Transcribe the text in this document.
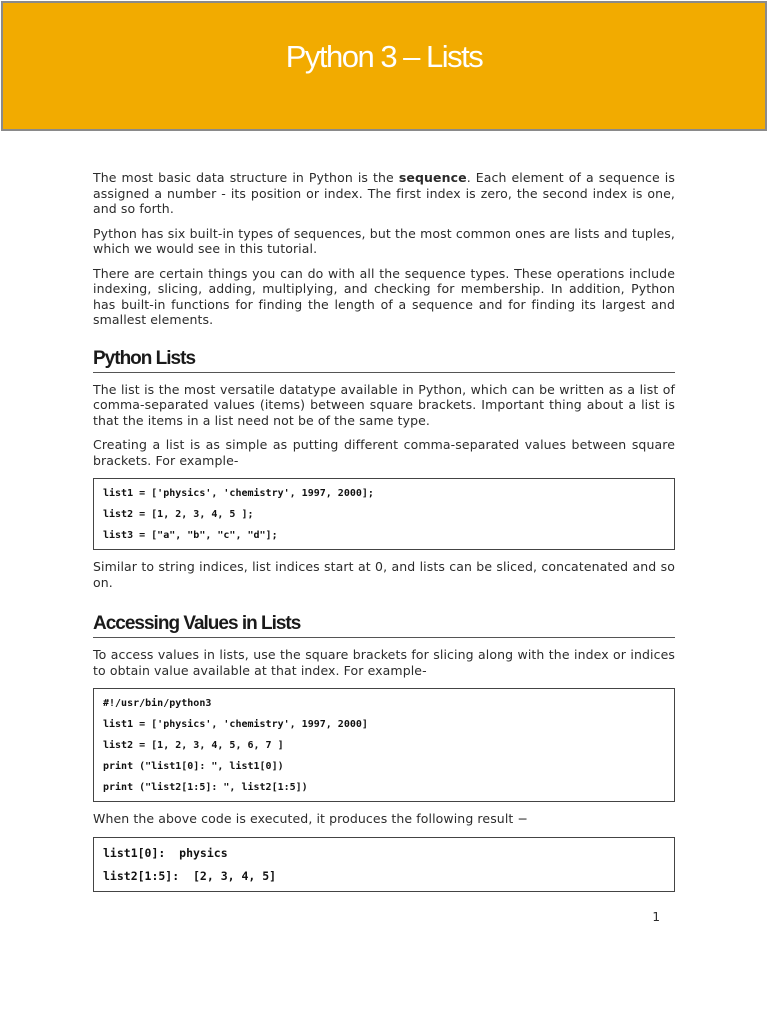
Python 3 – Lists

The most basic data structure in Python is the sequence. Each element of a sequence is assigned a number - its position or index. The first index is zero, the second index is one, and so forth.

Python has six built-in types of sequences, but the most common ones are lists and tuples, which we would see in this tutorial.

There are certain things you can do with all the sequence types. These operations include indexing, slicing, adding, multiplying, and checking for membership. In addition, Python has built-in functions for finding the length of a sequence and for finding its largest and smallest elements.

Python Lists

The list is the most versatile datatype available in Python, which can be written as a list of comma-separated values (items) between square brackets. Important thing about a list is that the items in a list need not be of the same type.

Creating a list is as simple as putting different comma-separated values between square brackets. For example-

list1 = ['physics', 'chemistry', 1997, 2000];
list2 = [1, 2, 3, 4, 5 ];
list3 = ["a", "b", "c", "d"];

Similar to string indices, list indices start at 0, and lists can be sliced, concatenated and so on.

Accessing Values in Lists

To access values in lists, use the square brackets for slicing along with the index or indices to obtain value available at that index. For example-

#!/usr/bin/python3
list1 = ['physics', 'chemistry', 1997, 2000]
list2 = [1, 2, 3, 4, 5, 6, 7 ]
print ("list1[0]: ", list1[0])
print ("list2[1:5]: ", list2[1:5])

When the above code is executed, it produces the following result −

list1[0]:  physics
list2[1:5]:  [2, 3, 4, 5]
1
